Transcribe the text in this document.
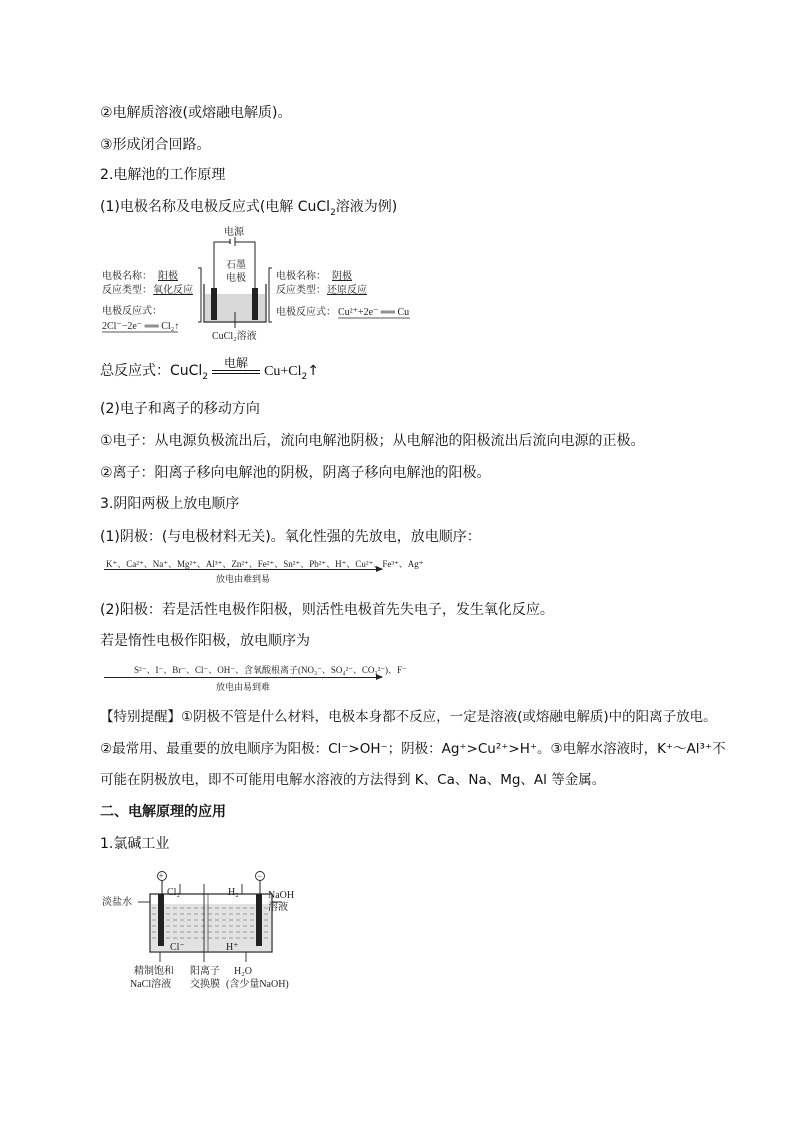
②电解质溶液(或熔融电解质)。
③形成闭合回路。
2.电解池的工作原理
(1)电极名称及电极反应式(电解 CuCl$_2$溶液为例)
电源
石墨
电极
CuCl₂溶液
电极名称： 阳极
反应类型： 氧化反应
电极反应式：
2Cl⁻−2e⁻ ══ Cl₂↑
电极名称： 阴极
反应类型： 还原反应
电极反应式： Cu²⁺+2e⁻ ══ Cu
总反应式：CuCl$_2$
电解
$Cu+Cl_2↑$
(2)电子和离子的移动方向
①电子：从电源负极流出后，流向电解池阴极；从电解池的阳极流出后流向电源的正极。
②离子：阳离子移向电解池的阴极，阴离子移向电解池的阳极。
3.阴阳两极上放电顺序
(1)阴极：(与电极材料无关)。氧化性强的先放电，放电顺序：
K⁺、Ca²⁺、Na⁺、Mg²⁺、Al³⁺、Zn²⁺、Fe²⁺、Sn²⁺、Pb²⁺、H⁺、Cu²⁺、Fe³⁺、Ag⁺
放电由难到易
(2)阳极：若是活性电极作阳极，则活性电极首先失电子，发生氧化反应。
若是惰性电极作阳极，放电顺序为
S²⁻、I⁻、Br⁻、Cl⁻、OH⁻、含氧酸根离子(NO₃⁻、SO₄²⁻、CO₃²⁻)、F⁻
放电由易到难
【特别提醒】①阴极不管是什么材料，电极本身都不反应，一定是溶液(或熔融电解质)中的阳离子放电。
②最常用、最重要的放电顺序为阳极：Cl⁻>OH⁻；阴极：Ag⁺>Cu²⁺>H⁺。③电解水溶液时，K⁺～Al³⁺不
可能在阴极放电，即不可能用电解水溶液的方法得到 K、Ca、Na、Mg、Al 等金属。
二、电解原理的应用
1.氯碱工业
+	−
Cl₂	H₂
Cl⁻	H⁺
淡盐水
NaOH
溶液
精制饱和
NaCl溶液
阳离子
交换膜
H₂O
(含少量NaOH)
